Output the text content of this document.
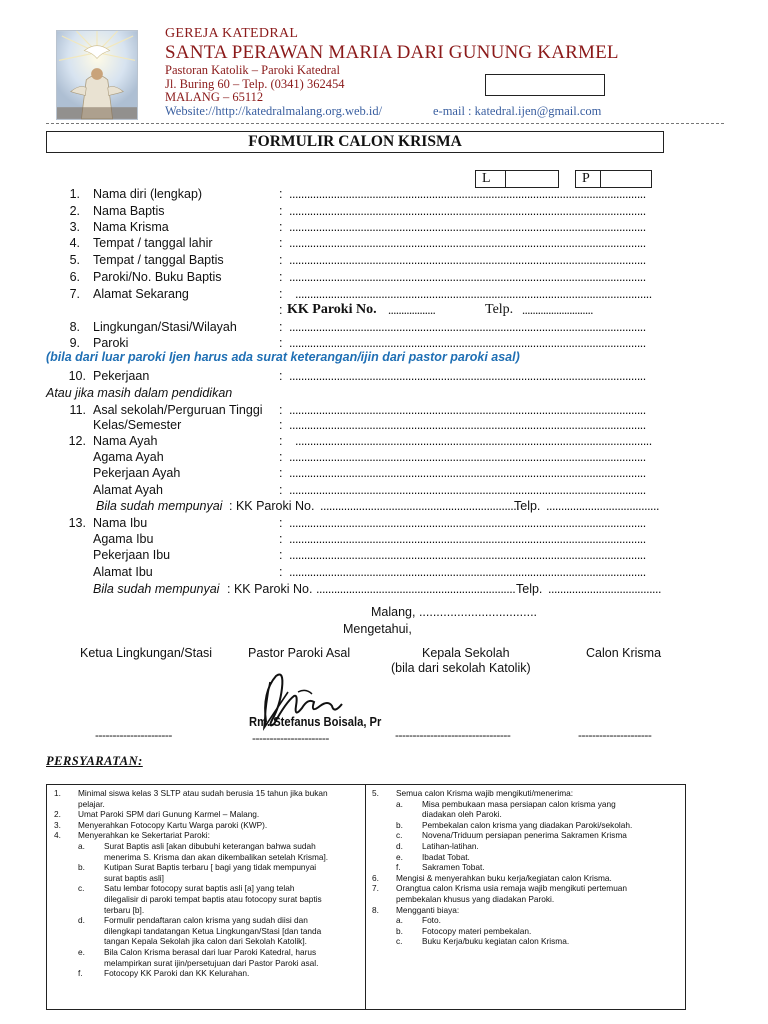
GEREJA KATEDRAL
SANTA PERAWAN MARIA DARI GUNUNG KARMEL
Pastoran Katolik – Paroki Katedral
Jl. Buring 60 – Telp. (0341) 362454
MALANG – 65112
Website://http://katedralmalang.org.web.id/	e-mail : katedral.ijen@gmail.com
FORMULIR CALON KRISMA
L	P
1. Nama diri (lengkap)	: ........................................................................................................................
2. Nama Baptis	: ........................................................................................................................
3. Nama Krisma	: ........................................................................................................................
4. Tempat / tanggal lahir	: ........................................................................................................................
5. Tempat / tanggal Baptis	: ........................................................................................................................
6. Paroki/No. Buku Baptis	: ........................................................................................................................
7. Alamat Sekarang	: ........................................................................................................................
: KK Paroki No. ..................	Telp. ...........................
8. Lingkungan/Stasi/Wilayah	: ........................................................................................................................
9. Paroki	: ........................................................................................................................
(bila dari luar paroki Ijen harus ada surat keterangan/ijin dari pastor paroki asal)
10. Pekerjaan	: ........................................................................................................................
Atau jika masih dalam pendidikan
11. Asal sekolah/Perguruan Tinggi : ........................................................................................................................
Kelas/Semester	: ........................................................................................................................
12. Nama Ayah	: ........................................................................................................................
Agama Ayah	: ........................................................................................................................
Pekerjaan Ayah	: ........................................................................................................................
Alamat Ayah	: ........................................................................................................................
Bila sudah mempunyai : KK Paroki No. ...................................................................
Telp. ......................................
13. Nama Ibu	: ........................................................................................................................
Agama Ibu	: ........................................................................................................................
Pekerjaan Ibu	: ........................................................................................................................
Alamat Ibu	: ........................................................................................................................
Bila sudah mempunyai : KK Paroki No. ................................................................... Telp. ......................................
Malang, ..................................
Mengetahui,
Ketua Lingkungan/Stasi	Pastor Paroki Asal	Kepala Sekolah
(bila dari sekolah Katolik)
Calon Krisma
Rm. Stefanus Boisala, Pr
----------------------	----------------------	---------------------------------	---------------------
PERSYARATAN:
1. Minimal siswa kelas 3 SLTP atau sudah berusia 15 tahun jika bukan
pelajar.
2. Umat Paroki SPM dari Gunung Karmel – Malang.
3. Menyerahkan Fotocopy Kartu Warga paroki (KWP).
4. Menyerahkan ke Sekertariat Paroki:
a. Surat Baptis asli [akan dibubuhi keterangan bahwa sudah
menerima S. Krisma dan akan dikembalikan setelah Krisma].
b. Kutipan Surat Baptis terbaru [ bagi yang tidak mempunyai
surat baptis asli]
c. Satu lembar fotocopy surat baptis asli [a] yang telah
dilegalisir di paroki tempat baptis atau fotocopy surat baptis
terbaru [b].
d. Formulir pendaftaran calon krisma yang sudah diisi dan
dilengkapi tandatangan Ketua Lingkungan/Stasi [dan tanda
tangan Kepala Sekolah jika calon dari Sekolah Katolik].
e. Bila Calon Krisma berasal dari luar Paroki Katedral, harus
melampirkan surat ijin/persetujuan dari Pastor Paroki asal.
f.	Fotocopy KK Paroki dan KK Kelurahan.
5. Semua calon Krisma wajib mengikuti/menerima:
a. Misa pembukaan masa persiapan calon krisma yang
diadakan oleh Paroki.
b. Pembekalan calon krisma yang diadakan Paroki/sekolah.
c. Novena/Triduum persiapan penerima Sakramen Krisma
d. Latihan-latihan.
e. Ibadat Tobat.
f.	Sakramen Tobat.
6. Mengisi & menyerahkan buku kerja/kegiatan calon Krisma.
7. Orangtua calon Krisma usia remaja wajib mengikuti pertemuan
pembekalan khusus yang diadakan Paroki.
8. Mengganti biaya:
a. Foto.
b. Fotocopy materi pembekalan.
c. Buku Kerja/buku kegiatan calon Krisma.
